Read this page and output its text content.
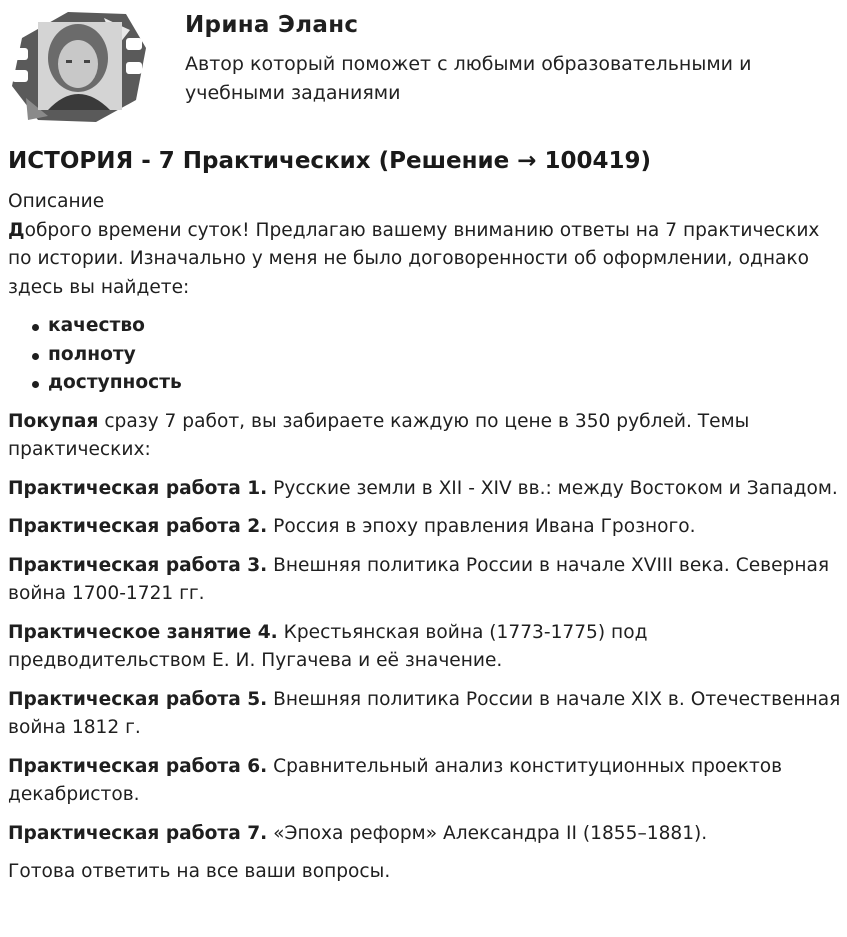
Ирина Эланс
Автор который поможет с любыми образовательными и учебными заданиями
ИСТОРИЯ - 7 Практических (Решение → 100419)
Описание
Доброго времени суток! Предлагаю вашему вниманию ответы на 7 практических по истории. Изначально у меня не было договоренности об оформлении, однако здесь вы найдете:
качество
полноту
доступность
Покупая сразу 7 работ, вы забираете каждую по цене в 350 рублей. Темы практических:
Практическая работа 1. Русские земли в XII - XIV вв.: между Востоком и Западом.
Практическая работа 2. Россия в эпоху правления Ивана Грозного.
Практическая работа 3. Внешняя политика России в начале XVIII века. Северная война 1700-1721 гг.
Практическое занятие 4. Крестьянская война (1773-1775) под предводительством Е. И. Пугачева и её значение.
Практическая работа 5. Внешняя политика России в начале XIX в. Отечественная война 1812 г.
Практическая работа 6. Сравнительный анализ конституционных проектов декабристов.
Практическая работа 7. «Эпоха реформ» Александра II (1855–1881).
Готова ответить на все ваши вопросы.
